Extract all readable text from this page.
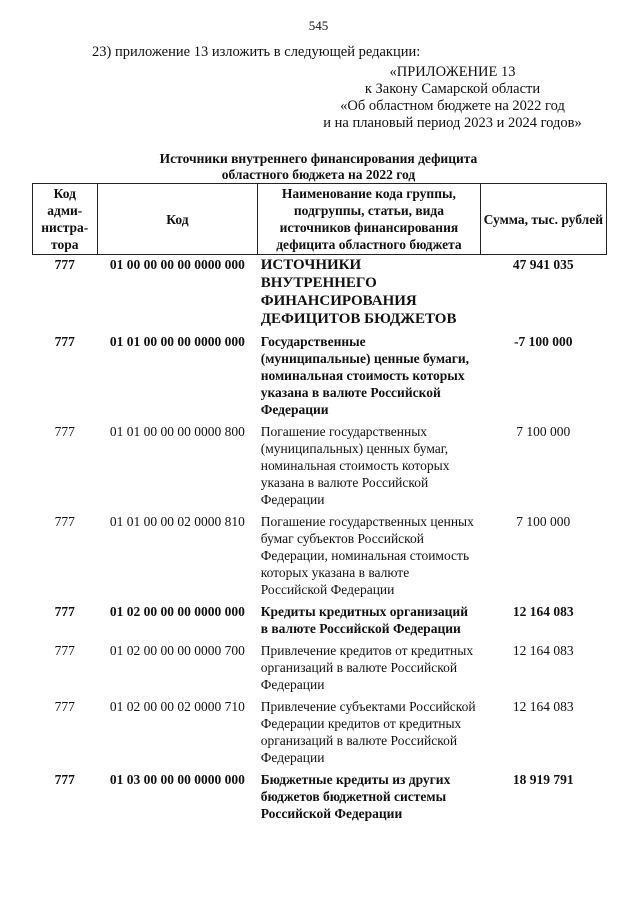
545
23) приложение 13 изложить в следующей редакции:
«ПРИЛОЖЕНИЕ 13
к Закону Самарской области
«Об областном бюджете на 2022 год
и на плановый период 2023 и 2024 годов»
Источники внутреннего финансирования дефицита
областного бюджета на 2022 год
Код адми-нистра-тора	Код	Наименование кода группы, подгруппы, статьи, вида источников финансирования дефицита областного бюджета	Сумма, тыс. рублей
777	01 00 00 00 00 0000 000	ИСТОЧНИКИ ВНУТРЕННЕГО ФИНАНСИРОВАНИЯ ДЕФИЦИТОВ БЮДЖЕТОВ	47 941 035
777	01 01 00 00 00 0000 000	Государственные (муниципальные) ценные бумаги, номинальная стоимость которых указана в валюте Российской Федерации	-7 100 000
777	01 01 00 00 00 0000 800	Погашение государственных (муниципальных) ценных бумаг, номинальная стоимость которых указана в валюте Российской Федерации	7 100 000
777	01 01 00 00 02 0000 810	Погашение государственных ценных бумаг субъектов Российской Федерации, номинальная стоимость которых указана в валюте Российской Федерации	7 100 000
777	01 02 00 00 00 0000 000	Кредиты кредитных организаций в валюте Российской Федерации	12 164 083
777	01 02 00 00 00 0000 700	Привлечение кредитов от кредитных организаций в валюте Российской Федерации	12 164 083
777	01 02 00 00 02 0000 710	Привлечение субъектами Российской Федерации кредитов от кредитных организаций в валюте Российской Федерации	12 164 083
777	01 03 00 00 00 0000 000	Бюджетные кредиты из других бюджетов бюджетной системы Российской Федерации	18 919 791
